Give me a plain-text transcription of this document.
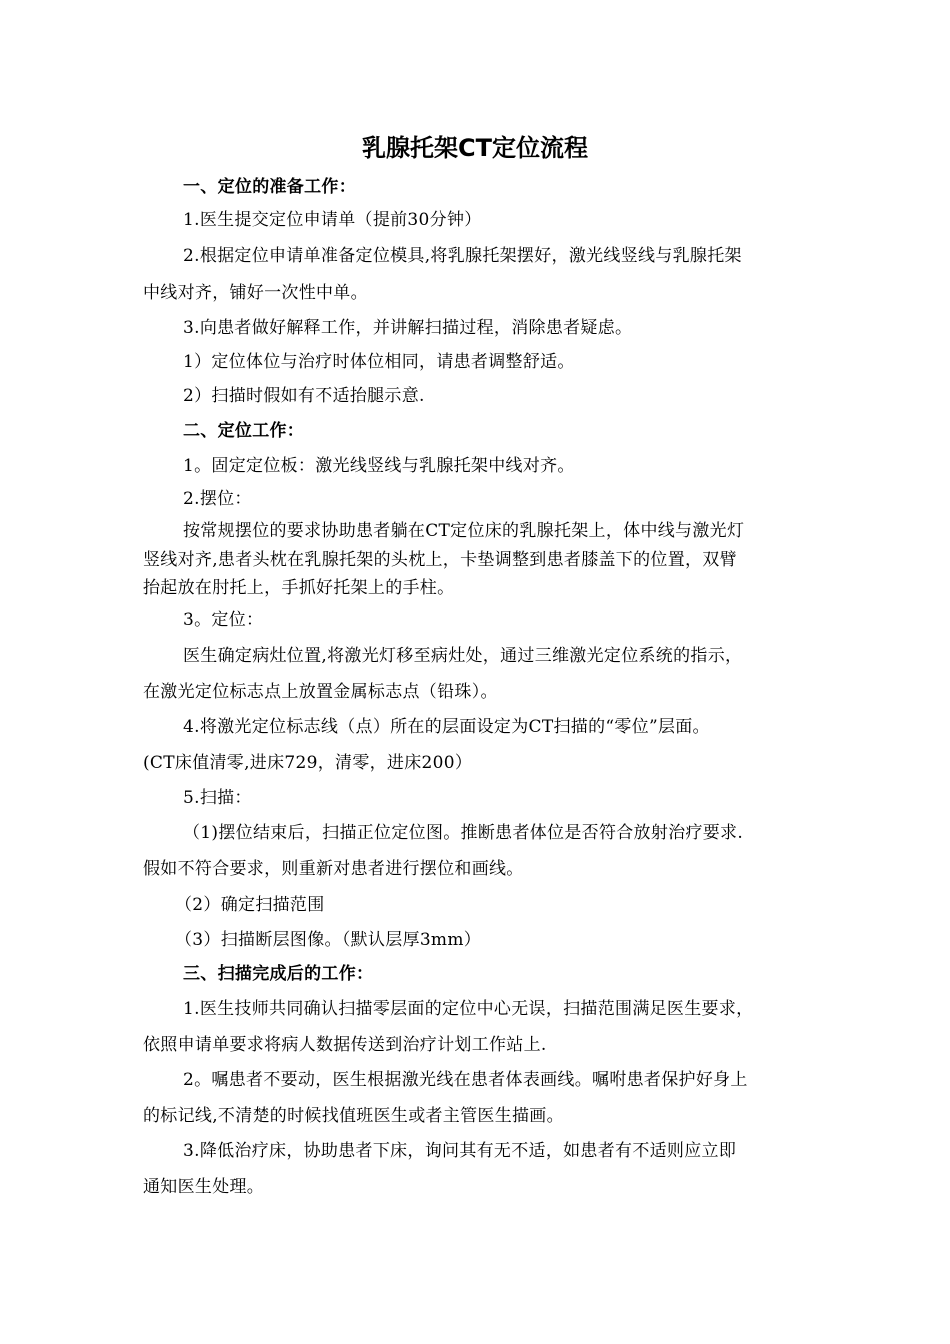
乳腺托架CT定位流程
一、定位的准备工作：
1.医生提交定位申请单（提前30分钟）
2.根据定位申请单准备定位模具,将乳腺托架摆好，激光线竖线与乳腺托架
中线对齐，铺好一次性中单。
3.向患者做好解释工作，并讲解扫描过程，消除患者疑虑。
1）定位体位与治疗时体位相同，请患者调整舒适。
2）扫描时假如有不适抬腿示意.
二、定位工作：
1。固定定位板：激光线竖线与乳腺托架中线对齐。
2.摆位：
按常规摆位的要求协助患者躺在CT定位床的乳腺托架上，体中线与激光灯
竖线对齐,患者头枕在乳腺托架的头枕上，卡垫调整到患者膝盖下的位置，双臂
抬起放在肘托上，手抓好托架上的手柱。
3。定位：
医生确定病灶位置,将激光灯移至病灶处，通过三维激光定位系统的指示，
在激光定位标志点上放置金属标志点（铅珠）。
4.将激光定位标志线（点）所在的层面设定为CT扫描的“零位”层面。
(CT床值清零,进床729，清零，进床200）
5.扫描：
（1)摆位结束后，扫描正位定位图。推断患者体位是否符合放射治疗要求.
假如不符合要求，则重新对患者进行摆位和画线。
（2）确定扫描范围
（3）扫描断层图像。（默认层厚3mm）
三、扫描完成后的工作：
1.医生技师共同确认扫描零层面的定位中心无误，扫描范围满足医生要求，
依照申请单要求将病人数据传送到治疗计划工作站上.
2。嘱患者不要动，医生根据激光线在患者体表画线。嘱咐患者保护好身上
的标记线,不清楚的时候找值班医生或者主管医生描画。
3.降低治疗床，协助患者下床，询问其有无不适，如患者有不适则应立即
通知医生处理。
